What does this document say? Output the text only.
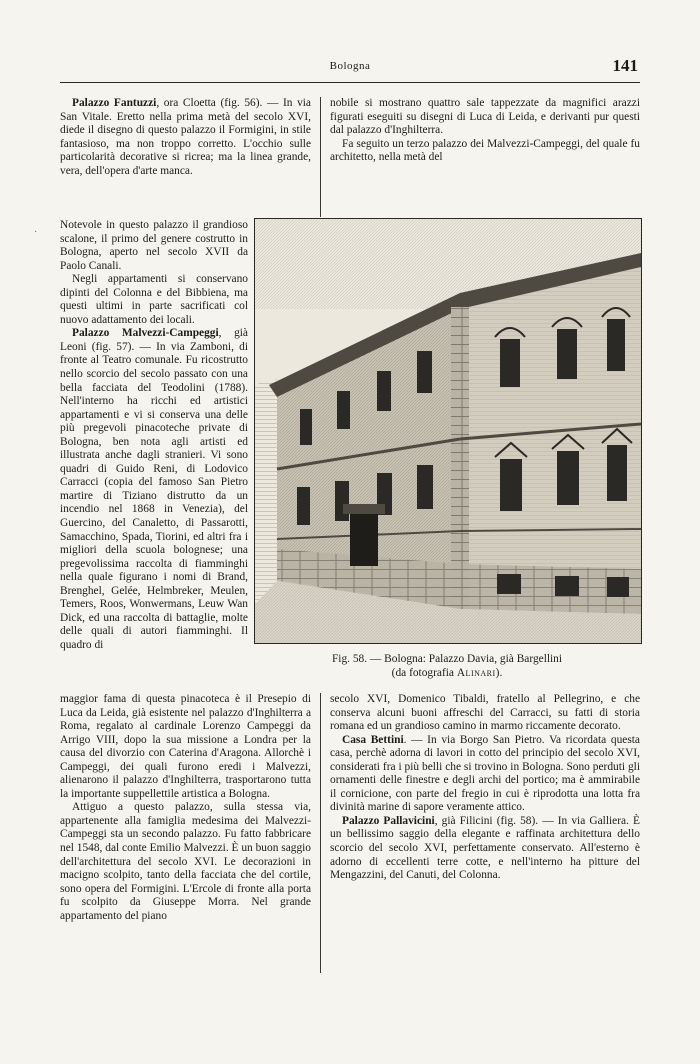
Bologna	141
·

Palazzo Fantuzzi, ora Cloetta (fig. 56). — In via San Vitale. Eretto nella prima metà del secolo XVI, diede il disegno di questo palazzo il Formigini, in stile fantasioso, ma non troppo corretto. L'occhio sulle particolarità decorative si ricrea; ma la linea grande, vera, dell'opera d'arte manca.

Notevole in questo palazzo il grandioso scalone, il primo del genere costrutto in Bologna, aperto nel secolo XVII da Paolo Canali.

Negli appartamenti si conservano dipinti del Colonna e del Bibbiena, ma questi ultimi in parte sacrificati col nuovo adattamento dei locali.

Palazzo Malvezzi-Campeggi, già Leoni (fig. 57). — In via Zamboni, di fronte al Teatro comunale. Fu ricostrutto nello scorcio del secolo passato con una bella facciata del Teodolini (1788). Nell'interno ha ricchi ed artistici appartamenti e vi si conserva una delle più pregevoli pinacoteche private di Bologna, ben nota agli artisti ed illustrata anche dagli stranieri. Vi sono quadri di Guido Reni, di Lodovico Carracci (copia del famoso San Pietro martire di Tiziano distrutto da un incendio nel 1868 in Venezia), del Guercino, del Canaletto, di Passarotti, Samacchino, Spada, Tiorini, ed altri fra i migliori della scuola bolognese; una pregevolissima raccolta di fiamminghi nella quale figurano i nomi di Brand, Brenghel, Gelée, Helmbreker, Meulen, Temers, Roos, Wonwermans, Leuw Wan Dick, ed una raccolta di battaglie, molte delle quali di autori fiamminghi. Il quadro di

Fig. 58. — Bologna: Palazzo Davia, già Bargellini
(da fotografia Alinari).

maggior fama di questa pinacoteca è il Presepio di Luca da Leida, già esistente nel palazzo d'Inghilterra a Roma, regalato al cardinale Lorenzo Campeggi da Arrigo VIII, dopo la sua missione a Londra per la causa del divorzio con Caterina d'Aragona. Allorchè i Campeggi, dei quali furono eredi i Malvezzi, alienarono il palazzo d'Inghilterra, trasportarono tutta la importante suppellettile artistica a Bologna.

Attiguo a questo palazzo, sulla stessa via, appartenente alla famiglia medesima dei Malvezzi-Campeggi sta un secondo palazzo. Fu fatto fabbricare nel 1548, dal conte Emilio Malvezzi. È un buon saggio dell'architettura del secolo XVI. Le decorazioni in macigno scolpito, tanto della facciata che del cortile, sono opera del Formigini. L'Ercole di fronte alla porta fu scolpito da Giuseppe Morra. Nel grande appartamento del piano

nobile si mostrano quattro sale tappezzate da magnifici arazzi figurati eseguiti su disegni di Luca di Leida, e derivanti pur questi dal palazzo d'Inghilterra.

Fa seguito un terzo palazzo dei Malvezzi-Campeggi, del quale fu architetto, nella metà del

secolo XVI, Domenico Tibaldi, fratello al Pellegrino, e che conserva alcuni buoni affreschi del Carracci, su fatti di storia romana ed un grandioso camino in marmo riccamente decorato.

Casa Bettini. — In via Borgo San Pietro. Va ricordata questa casa, perchè adorna di lavori in cotto del principio del secolo XVI, considerati fra i più belli che si trovino in Bologna. Sono perduti gli ornamenti delle finestre e degli archi del portico; ma è ammirabile il cornicione, con parte del fregio in cui è riprodotta una lotta fra divinità marine di sapore veramente attico.

Palazzo Pallavicini, già Filicini (fig. 58). — In via Galliera. È un bellissimo saggio della elegante e raffinata architettura dello scorcio del secolo XVI, perfettamente conservato. All'esterno è adorno di eccellenti terre cotte, e nell'interno ha pitture del Mengazzini, del Canuti, del Colonna.
